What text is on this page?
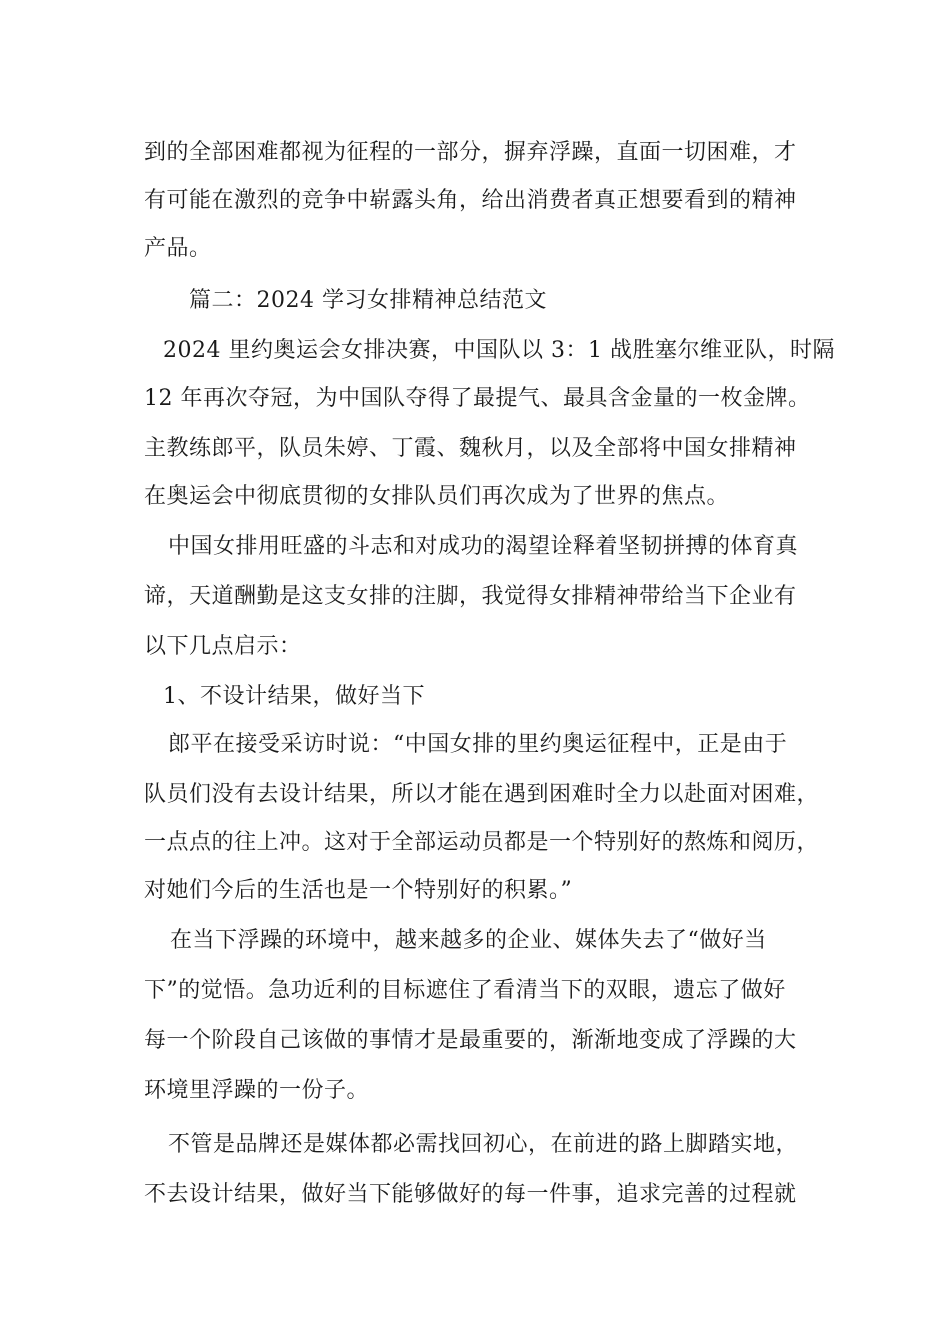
到的全部困难都视为征程的一部分，摒弃浮躁，直面一切困难，才
有可能在激烈的竞争中崭露头角，给出消费者真正想要看到的精神
产品。
篇二：2024 学习女排精神总结范文
2024 里约奥运会女排决赛，中国队以 3：1 战胜塞尔维亚队，时隔
12 年再次夺冠，为中国队夺得了最提气、最具含金量的一枚金牌。
主教练郎平，队员朱婷、丁霞、魏秋月，以及全部将中国女排精神
在奥运会中彻底贯彻的女排队员们再次成为了世界的焦点。
中国女排用旺盛的斗志和对成功的渴望诠释着坚韧拼搏的体育真
谛，天道酬勤是这支女排的注脚，我觉得女排精神带给当下企业有
以下几点启示：
1、不设计结果，做好当下
郎平在接受采访时说：“中国女排的里约奥运征程中，正是由于
队员们没有去设计结果，所以才能在遇到困难时全力以赴面对困难，
一点点的往上冲。这对于全部运动员都是一个特别好的熬炼和阅历，
对她们今后的生活也是一个特别好的积累。”
在当下浮躁的环境中，越来越多的企业、媒体失去了“做好当
下”的觉悟。急功近利的目标遮住了看清当下的双眼，遗忘了做好
每一个阶段自己该做的事情才是最重要的，渐渐地变成了浮躁的大
环境里浮躁的一份子。
不管是品牌还是媒体都必需找回初心，在前进的路上脚踏实地，
不去设计结果，做好当下能够做好的每一件事，追求完善的过程就
